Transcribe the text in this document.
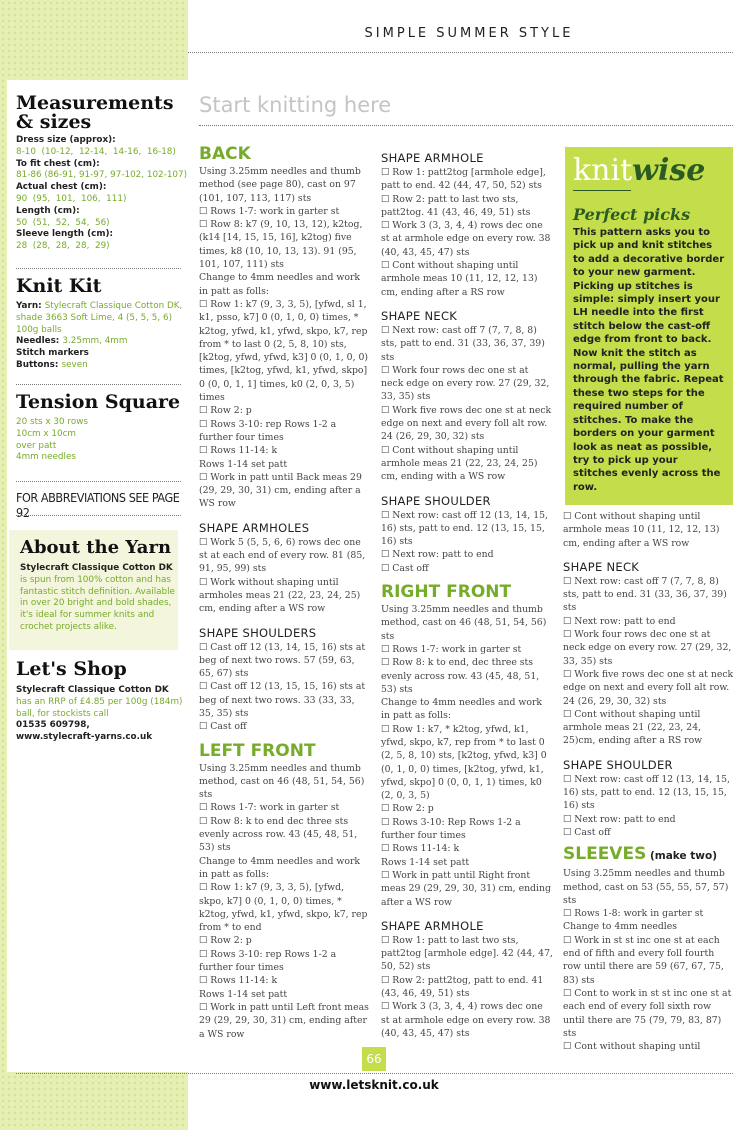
SIMPLE SUMMER STYLE
Measurements & sizes
Dress size (approx):
8-10  (10-12,  12-14,  14-16,  16-18)
To fit chest (cm):
81-86 (86-91, 91-97, 97-102, 102-107)
Actual chest (cm):
90  (95,  101,  106,  111)
Length (cm):
50  (51,  52,  54,  56)
Sleeve length (cm):
28  (28,  28,  28,  29)
Knit Kit
Yarn: Stylecraft Classique Cotton DK, shade 3663 Soft Lime, 4 (5, 5, 5, 6) 100g balls
Needles: 3.25mm, 4mm
Stitch markers
Buttons: seven
Tension Square
20 sts x 30 rows
10cm x 10cm
over patt
4mm needles
FOR ABBREVIATIONS SEE PAGE 92
About the Yarn
Stylecraft Classique Cotton DK is spun from 100% cotton and has fantastic stitch definition. Available in over 20 bright and bold shades, it's ideal for summer knits and crochet projects alike.
Let's Shop
Stylecraft Classique Cotton DK
has an RRP of £4.85 per 100g (184m) ball, for stockists call
01535 609798,
www.stylecraft-yarns.co.uk
Start knitting here
knitwise
Perfect picks
This pattern asks you to pick up and knit stitches to add a decorative border to your new garment. Picking up stitches is simple: simply insert your LH needle into the first stitch below the cast-off edge from front to back. Now knit the stitch as normal, pulling the yarn through the fabric. Repeat these two steps for the required number of stitches. To make the borders on your garment look as neat as possible, try to pick up your stitches evenly across the row.
BACK

Using 3.25mm needles and thumb method (see page 80), cast on 97 (101, 107, 113, 117) sts

☐ Rows 1-7: work in garter st

☐ Row 8: k7 (9, 10, 13, 12), k2tog, (k14 [14, 15, 15, 16], k2tog) five times, k8 (10, 10, 13, 13). 91 (95, 101, 107, 111) sts

Change to 4mm needles and work in patt as folls:

☐ Row 1: k7 (9, 3, 3, 5), [yfwd, sl 1, k1, psso, k7] 0 (0, 1, 0, 0) times, * k2tog, yfwd, k1, yfwd, skpo, k7, rep from * to last 0 (2, 5, 8, 10) sts, [k2tog, yfwd, yfwd, k3] 0 (0, 1, 0, 0) times, [k2tog, yfwd, k1, yfwd, skpo] 0 (0, 0, 1, 1] times, k0 (2, 0, 3, 5) times

☐ Row 2: p

☐ Rows 3-10: rep Rows 1-2 a further four times

☐ Rows 11-14: k

Rows 1-14 set patt

☐ Work in patt until Back meas 29 (29, 29, 30, 31) cm, ending after a WS row

SHAPE ARMHOLES

☐ Work 5 (5, 5, 6, 6) rows dec one st at each end of every row. 81 (85, 91, 95, 99) sts

☐ Work without shaping until armholes meas 21 (22, 23, 24, 25) cm, ending after a WS row

SHAPE SHOULDERS

☐ Cast off 12 (13, 14, 15, 16) sts at beg of next two rows. 57 (59, 63, 65, 67) sts

☐ Cast off 12 (13, 15, 15, 16) sts at beg of next two rows. 33 (33, 33, 35, 35) sts

☐ Cast off

LEFT FRONT

Using 3.25mm needles and thumb method, cast on 46 (48, 51, 54, 56) sts

☐ Rows 1-7: work in garter st

☐ Row 8: k to end dec three sts evenly across row. 43 (45, 48, 51, 53) sts

Change to 4mm needles and work in patt as folls:

☐ Row 1: k7 (9, 3, 3, 5), [yfwd, skpo, k7] 0 (0, 1, 0, 0) times, * k2tog, yfwd, k1, yfwd, skpo, k7, rep from * to end

☐ Row 2: p

☐ Rows 3-10: rep Rows 1-2 a further four times

☐ Rows 11-14: k

Rows 1-14 set patt

☐ Work in patt until Left front meas 29 (29, 29, 30, 31) cm, ending after a WS row

SHAPE ARMHOLE

☐ Row 1: patt2tog [armhole edge], patt to end. 42 (44, 47, 50, 52) sts

☐ Row 2: patt to last two sts, patt2tog. 41 (43, 46, 49, 51) sts

☐ Work 3 (3, 3, 4, 4) rows dec one st at armhole edge on every row. 38 (40, 43, 45, 47) sts

☐ Cont without shaping until armhole meas 10 (11, 12, 12, 13) cm, ending after a RS row

SHAPE NECK

☐ Next row: cast off 7 (7, 7, 8, 8) sts, patt to end. 31 (33, 36, 37, 39) sts

☐ Work four rows dec one st at neck edge on every row. 27 (29, 32, 33, 35) sts

☐ Work five rows dec one st at neck edge on next and every foll alt row. 24 (26, 29, 30, 32) sts

☐ Cont without shaping until armhole meas 21 (22, 23, 24, 25) cm, ending with a WS row

SHAPE SHOULDER

☐ Next row: cast off 12 (13, 14, 15, 16) sts, patt to end. 12 (13, 15, 15, 16) sts

☐ Next row: patt to end

☐ Cast off

RIGHT FRONT

Using 3.25mm needles and thumb method, cast on 46 (48, 51, 54, 56) sts

☐ Rows 1-7: work in garter st

☐ Row 8: k to end, dec three sts evenly across row. 43 (45, 48, 51, 53) sts

Change to 4mm needles and work in patt as folls:

☐ Row 1: k7, * k2tog, yfwd, k1, yfwd, skpo, k7, rep from * to last 0 (2, 5, 8, 10) sts, [k2tog, yfwd, k3] 0 (0, 1, 0, 0) times, [k2tog, yfwd, k1, yfwd, skpo] 0 (0, 0, 1, 1) times, k0 (2, 0, 3, 5)

☐ Row 2: p

☐ Rows 3-10: Rep Rows 1-2 a further four times

☐ Rows 11-14: k

Rows 1-14 set patt

☐ Work in patt until Right front meas 29 (29, 29, 30, 31) cm, ending after a WS row

SHAPE ARMHOLE

☐ Row 1: patt to last two sts, patt2tog [armhole edge]. 42 (44, 47, 50, 52) sts

☐ Row 2: patt2tog, patt to end. 41 (43, 46, 49, 51) sts

☐ Work 3 (3, 3, 4, 4) rows dec one st at armhole edge on every row. 38 (40, 43, 45, 47) sts

☐ Cont without shaping until armhole meas 10 (11, 12, 12, 13) cm, ending after a WS row

SHAPE NECK

☐ Next row: cast off 7 (7, 7, 8, 8) sts, patt to end. 31 (33, 36, 37, 39) sts

☐ Next row: patt to end

☐ Work four rows dec one st at neck edge on every row. 27 (29, 32, 33, 35) sts

☐ Work five rows dec one st at neck edge on next and every foll alt row. 24 (26, 29, 30, 32) sts

☐ Cont without shaping until armhole meas 21 (22, 23, 24, 25)cm, ending after a RS row

SHAPE SHOULDER

☐ Next row: cast off 12 (13, 14, 15, 16) sts, patt to end. 12 (13, 15, 15, 16) sts

☐ Next row: patt to end

☐ Cast off

SLEEVES (make two)

Using 3.25mm needles and thumb method, cast on 53 (55, 55, 57, 57) sts

☐ Rows 1-8: work in garter st

Change to 4mm needles

☐ Work in st st inc one st at each end of fifth and every foll fourth row until there are 59 (67, 67, 75, 83) sts

☐ Cont to work in st st inc one st at each end of every foll sixth row until there are 75 (79, 79, 83, 87) sts

☐ Cont without shaping until

66
www.letsknit.co.uk
